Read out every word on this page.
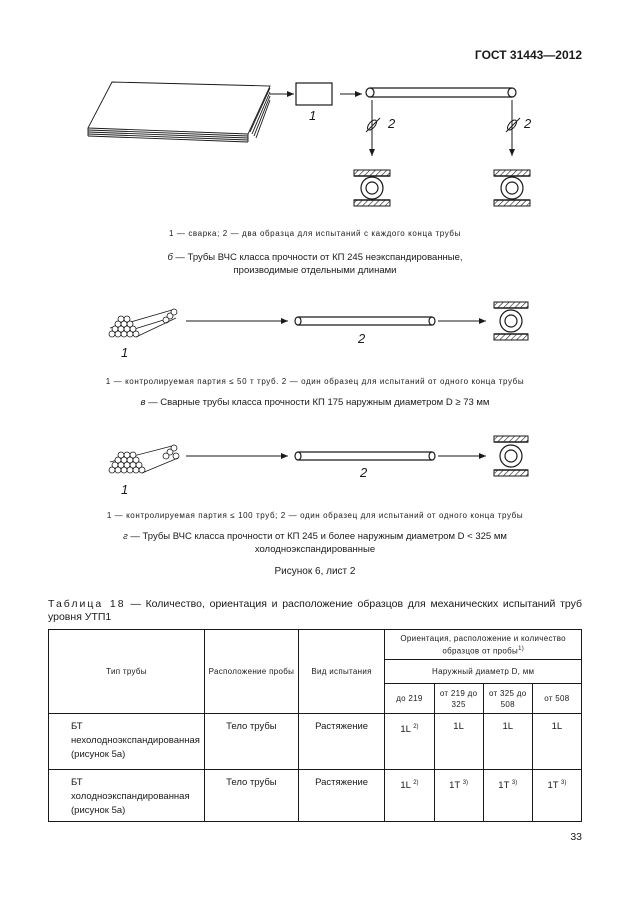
ГОСТ 31443—2012
1
2	2
1 — сварка; 2 — два образца для испытаний с каждого конца трубы
б — Трубы ВЧС класса прочности от КП 245 неэкспандированные,
производимые отдельными длинами
1
2
1 — контролируемая партия ≤ 50 т труб. 2 — один образец для испытаний от одного конца трубы
в — Сварные трубы класса прочности КП 175 наружным диаметром D ≥ 73 мм
1
2
1 — контролируемая партия ≤ 100 труб; 2 — один образец для испытаний от одного конца трубы
г — Трубы ВЧС класса прочности от КП 245 и более наружным диаметром D < 325 мм
холодноэкспандированные
Рисунок 6, лист 2
Таблица 18 — Количество, ориентация и расположение образцов для механических испытаний труб уровня УТП1
Тип трубы	Расположение пробы	Вид испытания	Ориентация, расположение и количество образцов от пробы$^{1)}$
			Наружный диаметр D, мм			
			до 219	от 219 до 325	от 325 до 508	от 508
БТ нехолодноэкспандированная (рисунок 5а)	Тело трубы	Растяжение	1L $^{2)}$	1L	1L	1L
БТ холодноэкспандированная (рисунок 5а)	Тело трубы	Растяжение	1L $^{2)}$	1T $^{3)}$	1T $^{3)}$	1T $^{3)}$
33
